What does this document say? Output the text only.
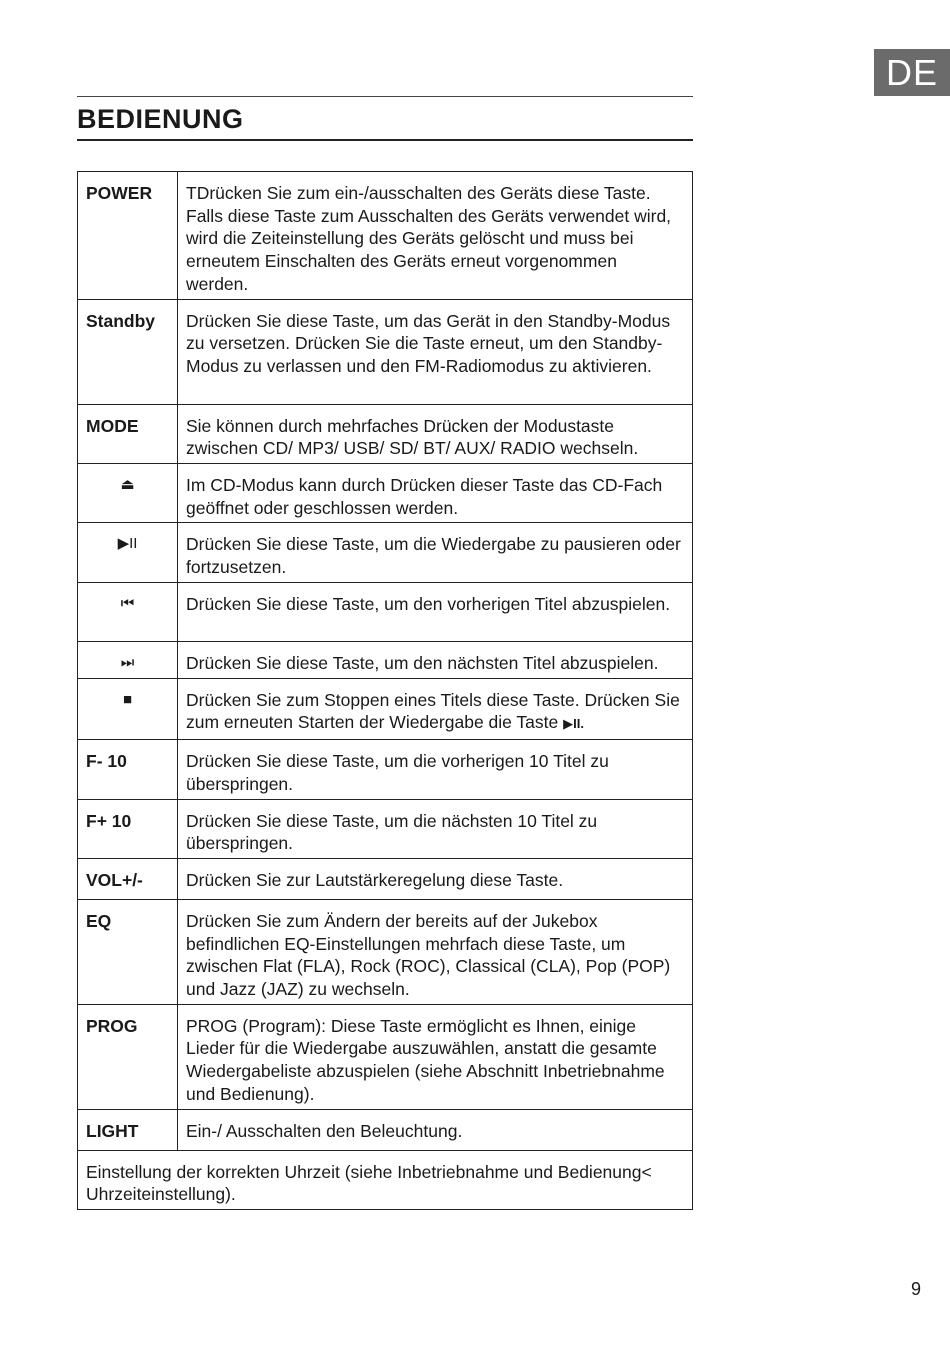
DE
BEDIENUNG
POWER	TDrücken Sie zum ein-/ausschalten des Geräts diese Taste. Falls diese Taste zum Ausschalten des Geräts verwendet wird, wird die Zeiteinstellung des Geräts gelöscht und muss bei erneutem Einschalten des Geräts erneut vorgenommen werden.
Standby	Drücken Sie diese Taste, um das Gerät in den Standby-Modus zu versetzen. Drücken Sie die Taste erneut, um den Standby-Modus zu verlassen und den FM-Radiomodus zu aktivieren.
MODE	Sie können durch mehrfaches Drücken der Modustaste zwischen CD/ MP3/ USB/ SD/ BT/ AUX/ RADIO wechseln.
⏏	Im CD-Modus kann durch Drücken dieser Taste das CD-Fach geöffnet oder geschlossen werden.
▶II	Drücken Sie diese Taste, um die Wiedergabe zu pausieren oder fortzusetzen.
⏮	Drücken Sie diese Taste, um den vorherigen Titel abzuspielen.
⏭	Drücken Sie diese Taste, um den nächsten Titel abzuspielen.
■	Drücken Sie zum Stoppen eines Titels diese Taste. Drücken Sie zum erneuten Starten der Wiedergabe die Taste ▶II.
F- 10	Drücken Sie diese Taste, um die vorherigen 10 Titel zu überspringen.
F+ 10	Drücken Sie diese Taste, um die nächsten 10 Titel zu überspringen.
VOL+/-	Drücken Sie zur Lautstärkeregelung diese Taste.
EQ	Drücken Sie zum Ändern der bereits auf der Jukebox befindlichen EQ-Einstellungen mehrfach diese Taste, um zwischen Flat (FLA), Rock (ROC), Classical (CLA), Pop (POP) und Jazz (JAZ) zu wechseln.
PROG	PROG (Program): Diese Taste ermöglicht es Ihnen, einige Lieder für die Wiedergabe auszuwählen, anstatt die gesamte Wiedergabeliste abzuspielen (siehe Abschnitt Inbetriebnahme und Bedienung).
LIGHT	Ein-/ Ausschalten den Beleuchtung.
Einstellung der korrekten Uhrzeit (siehe Inbetriebnahme und Bedienung< Uhrzeiteinstellung).	
9
